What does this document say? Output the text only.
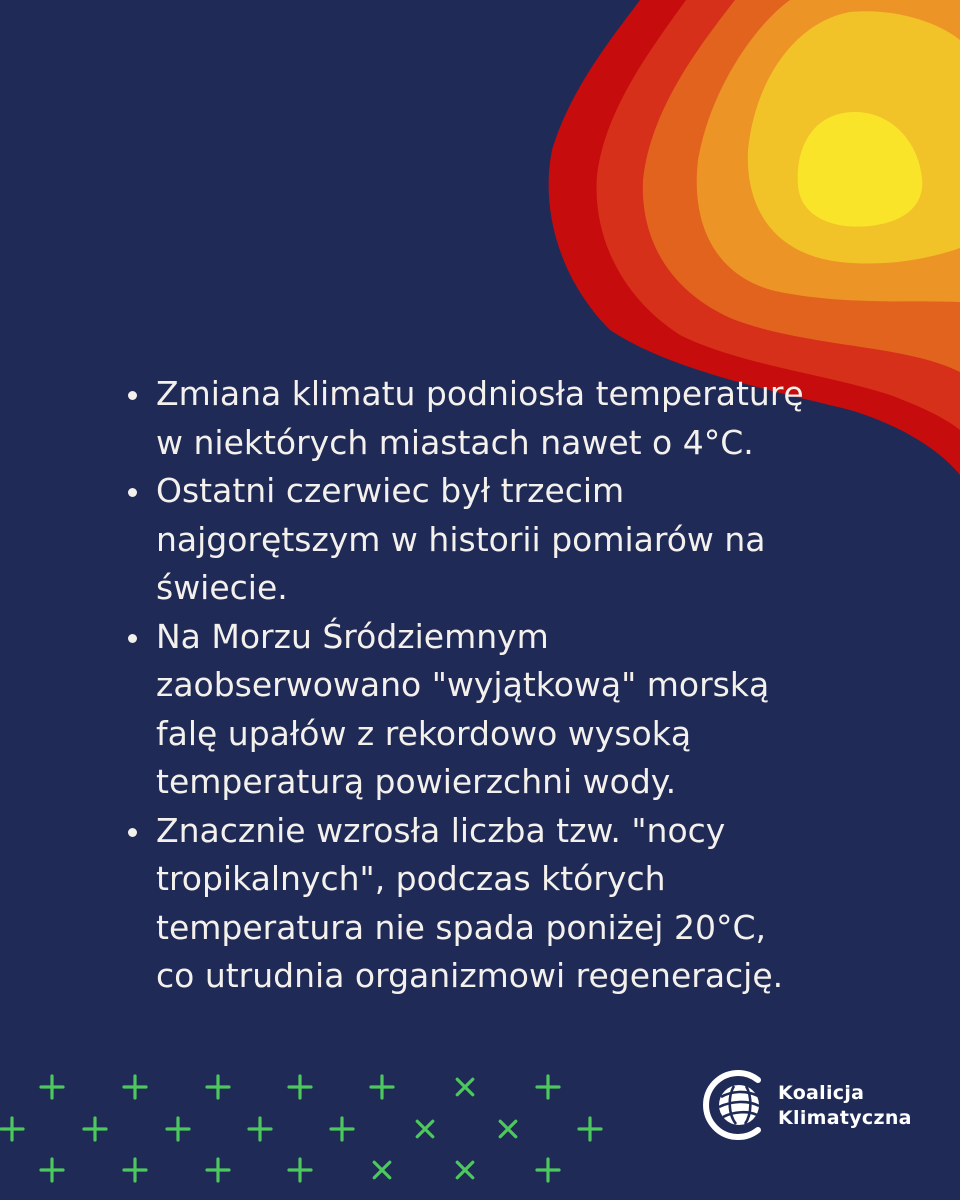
Zmiana klimatu podniosła temperaturę
w niektórych miastach nawet o 4°C.
Ostatni czerwiec był trzecim
najgorętszym w historii pomiarów na
świecie.
Na Morzu Śródziemnym
zaobserwowano "wyjątkową" morską
falę upałów z rekordowo wysoką
temperaturą powierzchni wody.
Znacznie wzrosła liczba tzw. "nocy
tropikalnych", podczas których
temperatura nie spada poniżej 20°C,
co utrudnia organizmowi regenerację.
Koalicja
Klimatyczna
